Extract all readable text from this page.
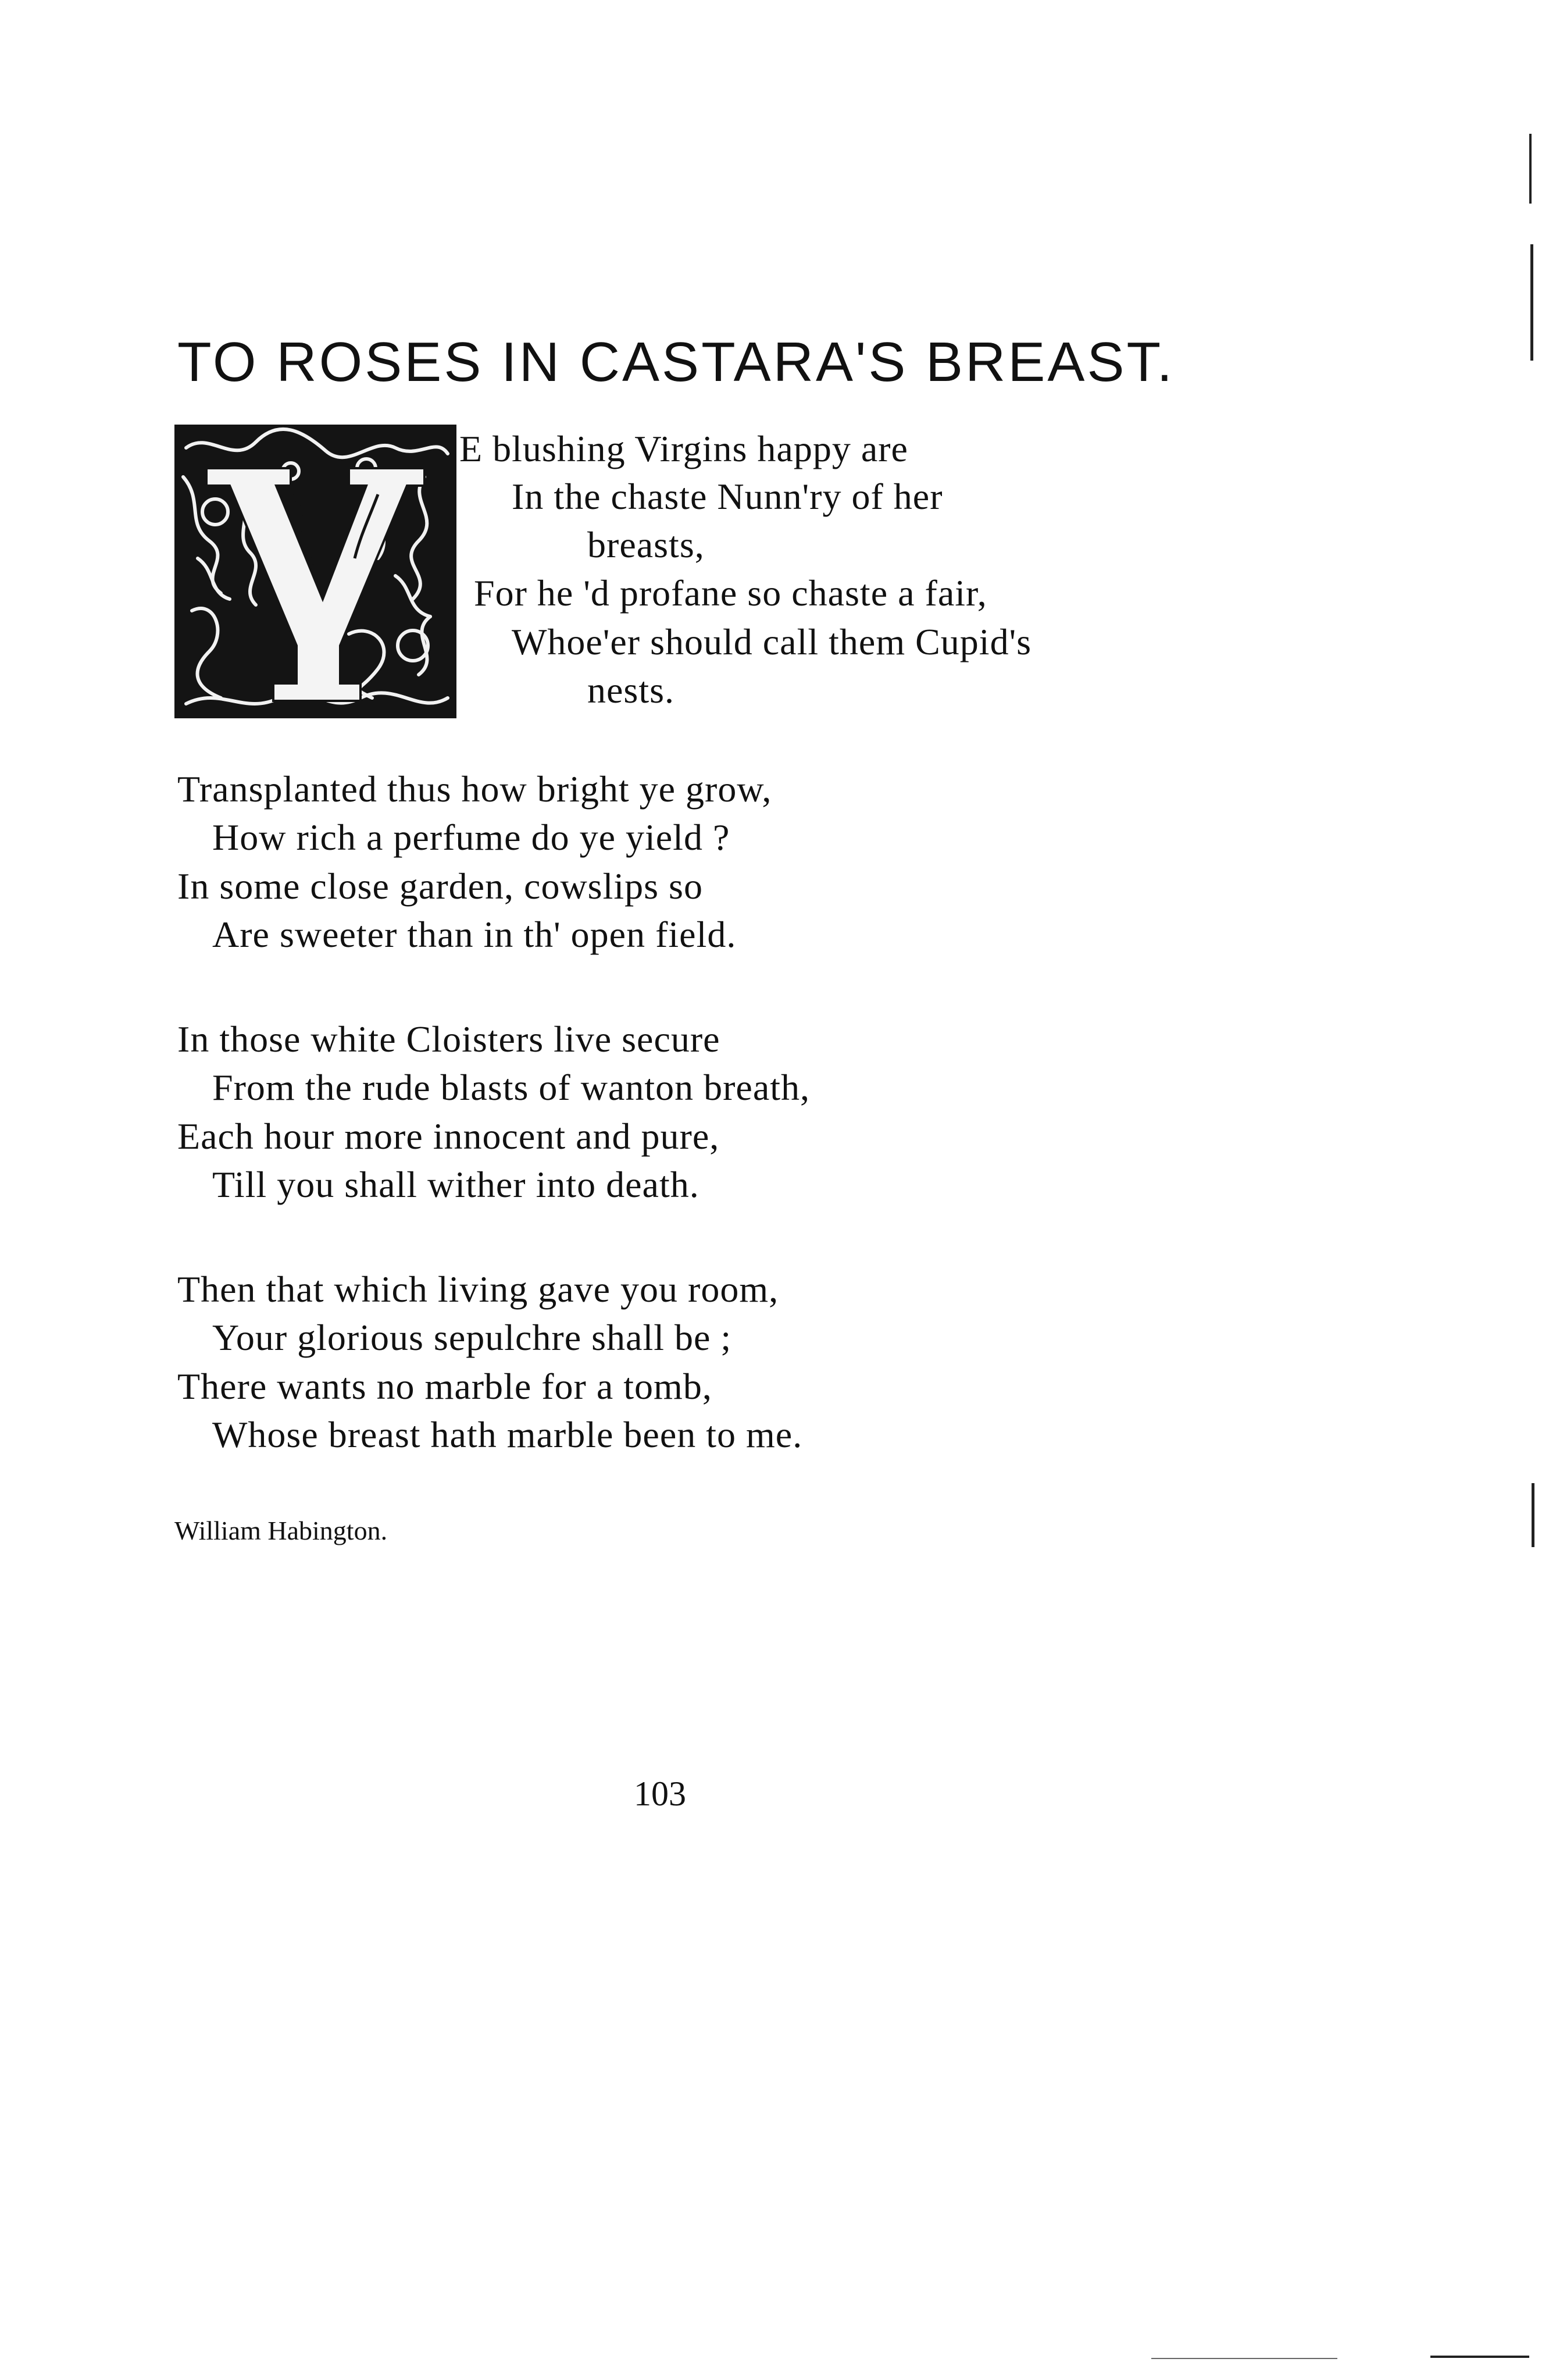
TO ROSES IN CASTARA'S BREAST.
E blushing Virgins happy are
In the chaste Nunn'ry of her
breasts,
For he 'd profane so chaste a fair,
Whoe'er should call them Cupid's
nests.
Transplanted thus how bright ye grow,
How rich a perfume do ye yield ?
In some close garden, cowslips so
Are sweeter than in th' open field.
In those white Cloisters live secure
From the rude blasts of wanton breath,
Each hour more innocent and pure,
Till you shall wither into death.
Then that which living gave you room,
Your glorious sepulchre shall be ;
There wants no marble for a tomb,
Whose breast hath marble been to me.
William Habington.
103
